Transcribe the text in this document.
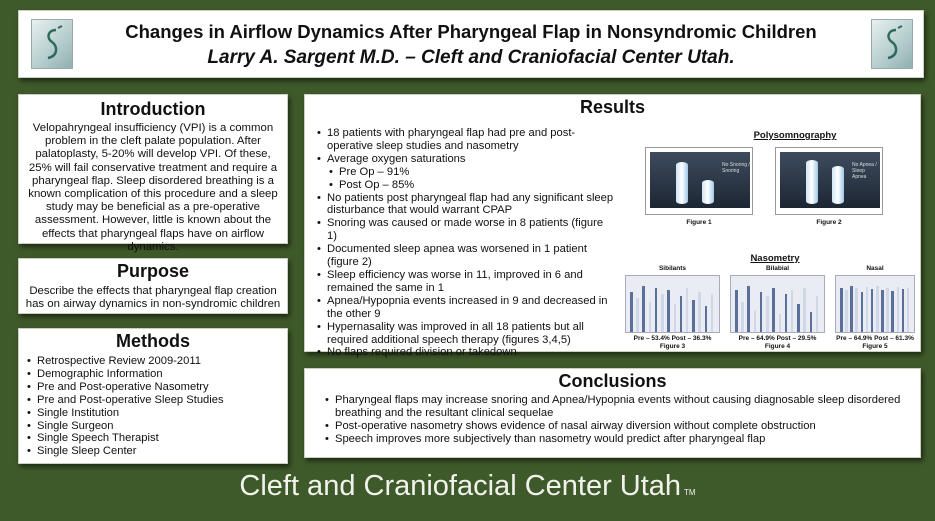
Changes in Airflow Dynamics After Pharyngeal Flap in Nonsyndromic Children
Larry A. Sargent M.D. – Cleft and Craniofacial Center Utah.
Introduction
Velopahryngeal insufficiency (VPI) is a common problem in the cleft palate population. After palatoplasty, 5-20% will develop VPI. Of these, 25% will fail conservative treatment and require a pharyngeal flap. Sleep disordered breathing is a known complication of this procedure and a sleep study may be beneficial as a pre-operative assessment. However, little is known about the effects that pharyngeal flaps have on airflow dynamics.
Purpose
Describe the effects that pharyngeal flap creation has on airway dynamics in non-syndromic children
Methods
• Retrospective Review 2009-2011
• Demographic Information
• Pre and Post-operative Nasometry
• Pre and Post-operative Sleep Studies
• Single Institution
• Single Surgeon
• Single Speech Therapist
• Single Sleep Center
Results
• 18 patients with pharyngeal flap had pre and post-operative sleep studies and nasometry
• Average oxygen saturations
• Pre Op – 91%
• Post Op – 85%
• No patients post pharyngeal flap had any significant sleep disturbance that would warrant CPAP
• Snoring was caused or made worse in 8 patients (figure 1)
• Documented sleep apnea was worsened in 1 patient (figure 2)
• Sleep efficiency was worse in 11, improved in 6 and remained the same in 1
• Apnea/Hypopnia events increased in 9 and decreased in the other 9
• Hypernasality was improved in all 18 patients but all required additional speech therapy (figures 3,4,5)
• No flaps required division or takedown
Polysomnography
No Snoring / Snoring
Figure 1
No Apnea / Sleep Apnea
Figure 2
Nasometry
Sibilants
Pre – 53.4% Post – 36.3%
Figure 3
Bilabial
Pre – 64.9% Post – 29.5%
Figure 4
Nasal
Pre – 64.9% Post – 61.3%
Figure 5
Conclusions
• Pharyngeal flaps may increase snoring and Apnea/Hypopnia events without causing diagnosable sleep disordered breathing and the resultant clinical sequelae
• Post-operative nasometry shows evidence of nasal airway diversion without complete obstruction
• Speech improves more subjectively than nasometry would predict after pharyngeal flap
Cleft and Craniofacial Center Utah TM
